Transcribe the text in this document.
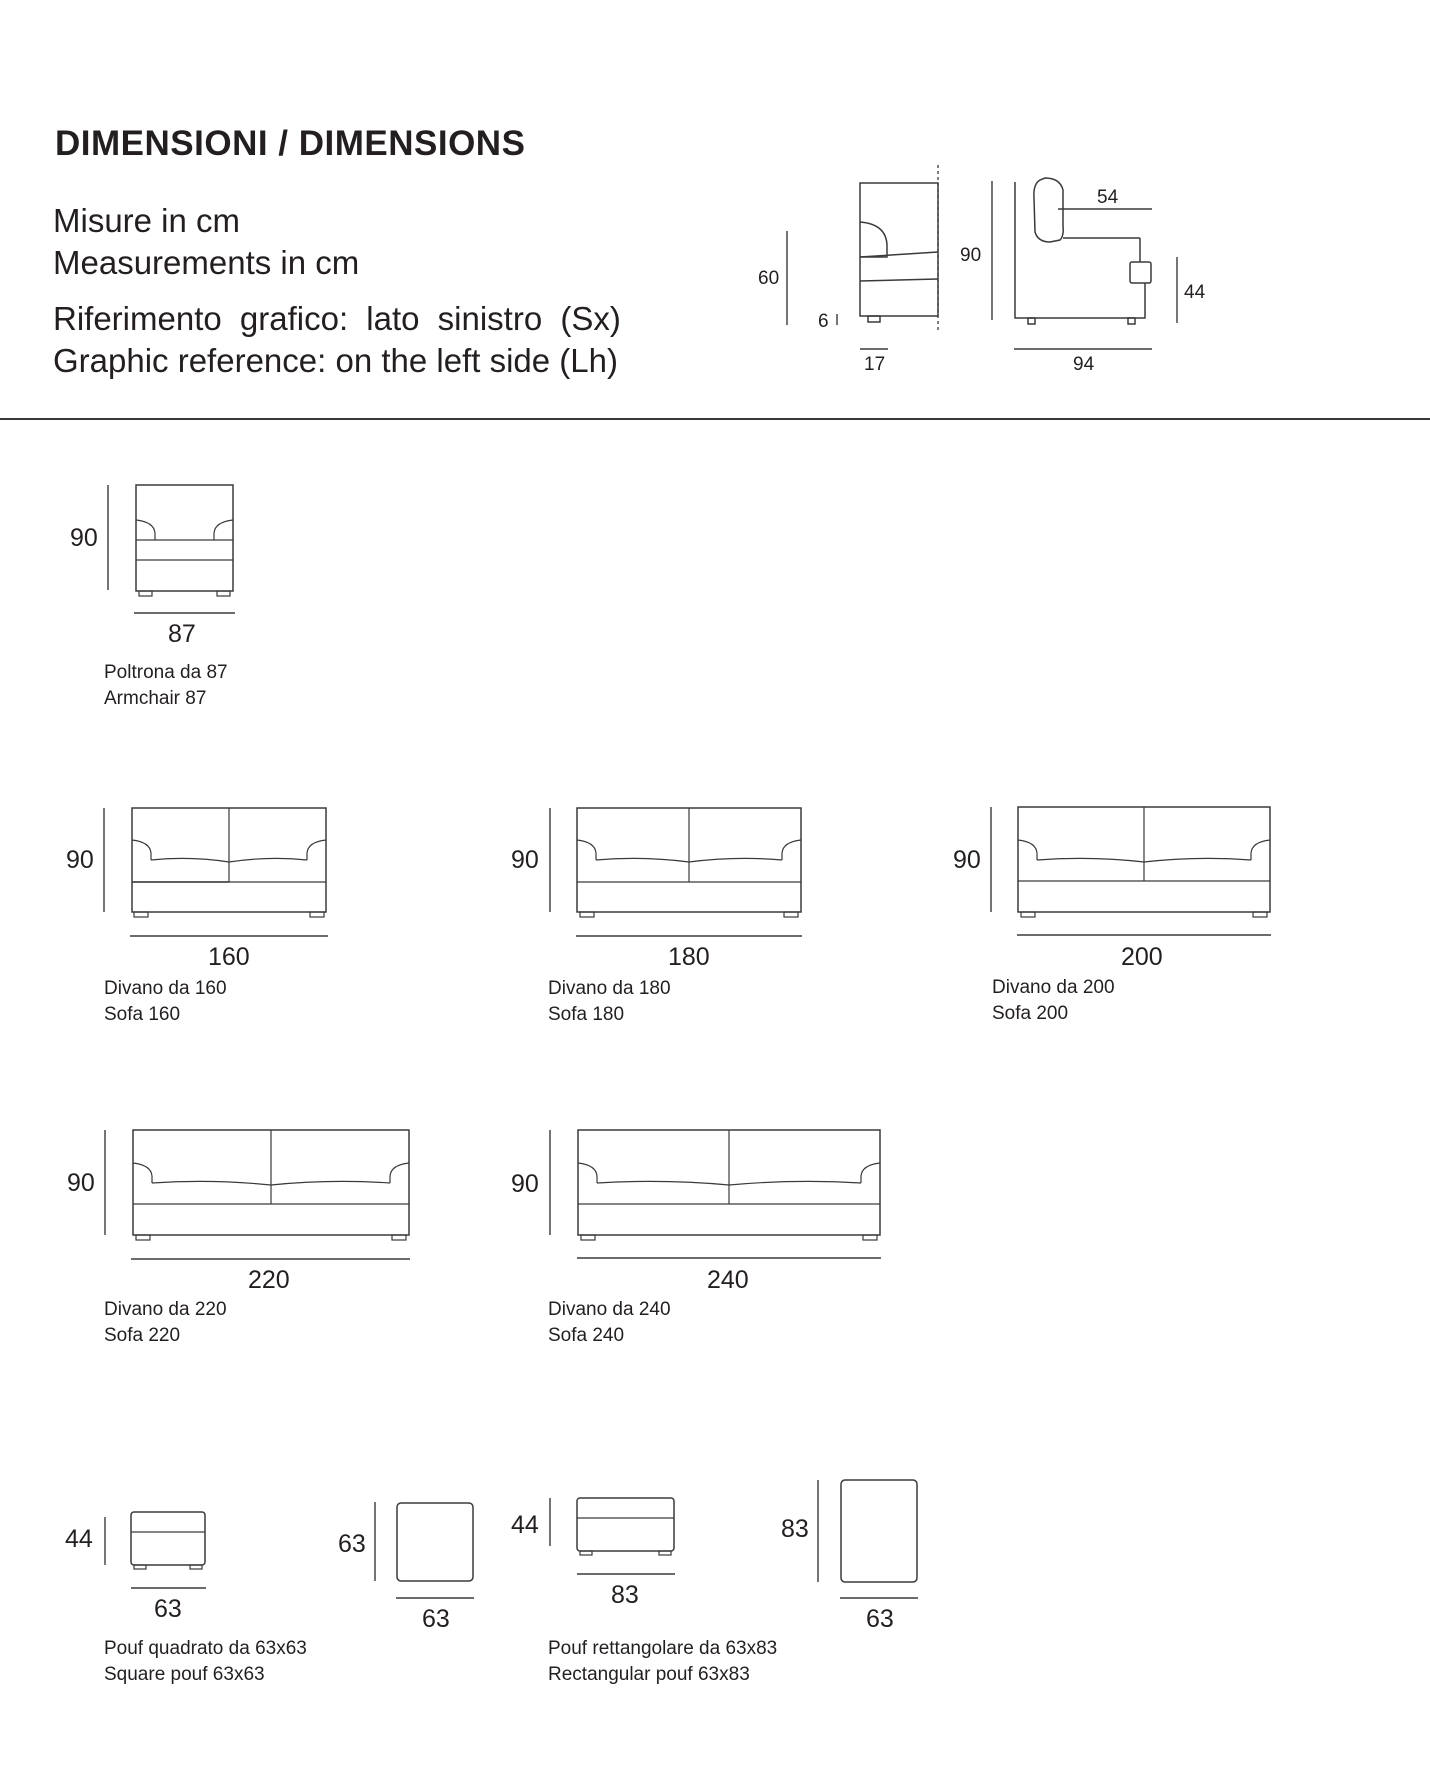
DIMENSIONI / DIMENSIONS

Misure in cm

Measurements in cm

Riferimento grafico: lato sinistro (Sx)

Graphic reference: on the left side (Lh)

60
6
17
90
54
44
94
90
87
90
160
90
180
90
200
90
220
90
240
44
63
63
63
44
83
83
63
Poltrona da 87
Armchair 87
Divano da 160
Sofa 160
Divano da 180
Sofa 180
Divano da 200
Sofa 200
Divano da 220
Sofa 220
Divano da 240
Sofa 240
Pouf quadrato da 63x63
Square pouf 63x63
Pouf rettangolare da 63x83
Rectangular pouf 63x83
